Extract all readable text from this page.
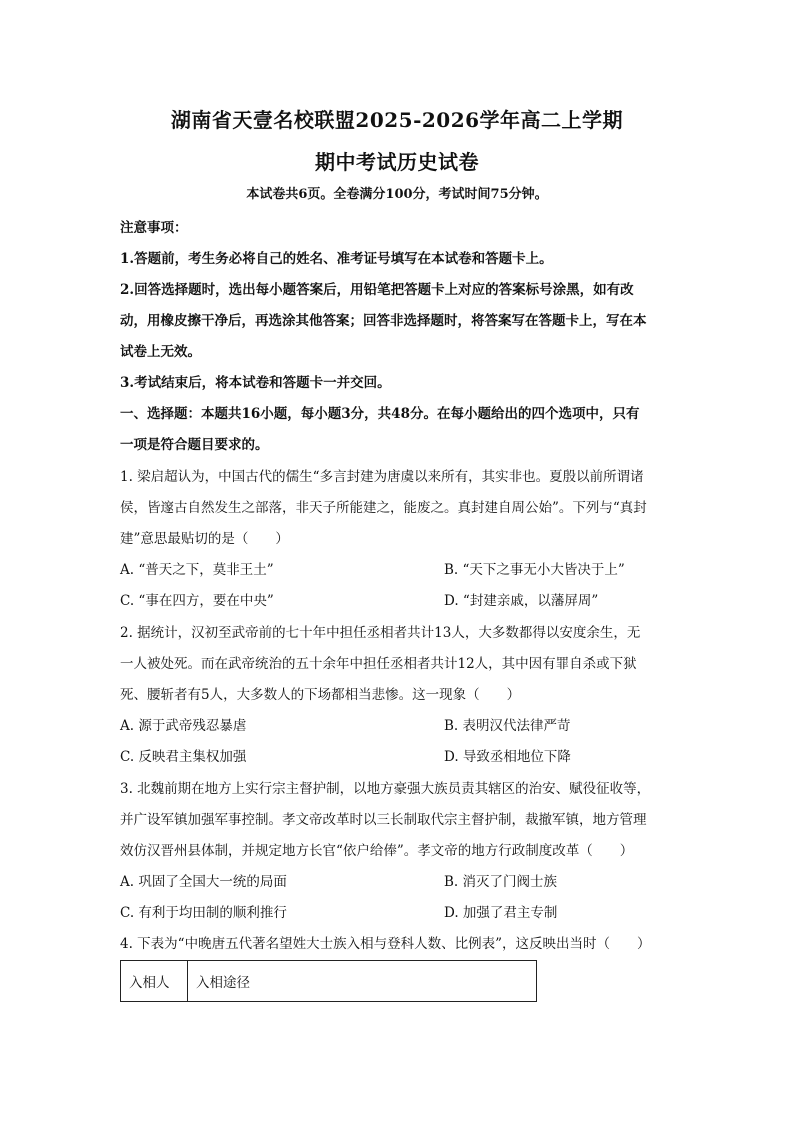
湖南省天壹名校联盟2025-2026学年高二上学期
期中考试历史试卷
本试卷共6页。全卷满分100分，考试时间75分钟。
注意事项：
1.答题前，考生务必将自己的姓名、准考证号填写在本试卷和答题卡上。
2.回答选择题时，选出每小题答案后，用铅笔把答题卡上对应的答案标号涂黑，如有改
动，用橡皮擦干净后，再选涂其他答案；回答非选择题时，将答案写在答题卡上，写在本
试卷上无效。
3.考试结束后，将本试卷和答题卡一并交回。
一、选择题：本题共16小题，每小题3分，共48分。在每小题给出的四个选项中，只有
一项是符合题目要求的。
1. 梁启超认为，中国古代的儒生“多言封建为唐虞以来所有，其实非也。夏殷以前所谓诸
侯，皆邃古自然发生之部落，非天子所能建之，能废之。真封建自周公始”。下列与“真封
建”意思最贴切的是（　　）
A. “普天之下，莫非王土”	B. “天下之事无小大皆决于上”
C. “事在四方，要在中央”	D. “封建亲戚，以藩屏周”
2. 据统计，汉初至武帝前的七十年中担任丞相者共计13人，大多数都得以安度余生，无
一人被处死。而在武帝统治的五十余年中担任丞相者共计12人，其中因有罪自杀或下狱
死、腰斩者有5人，大多数人的下场都相当悲惨。这一现象（　　）
A. 源于武帝残忍暴虐	B. 表明汉代法律严苛
C. 反映君主集权加强	D. 导致丞相地位下降
3. 北魏前期在地方上实行宗主督护制，以地方豪强大族员责其辖区的治安、赋役征收等，
并广设军镇加强军事控制。孝文帝改革时以三长制取代宗主督护制，裁撤军镇，地方管理
效仿汉晋州县体制，并规定地方长官“依户给俸”。孝文帝的地方行政制度改革（　　）
A. 巩固了全国大一统的局面	B. 消灭了门阀士族
C. 有利于均田制的顺利推行	D. 加强了君主专制
4. 下表为“中晚唐五代著名望姓大士族入相与登科人数、比例表”，这反映出当时（　　）
入相人	入相途径
